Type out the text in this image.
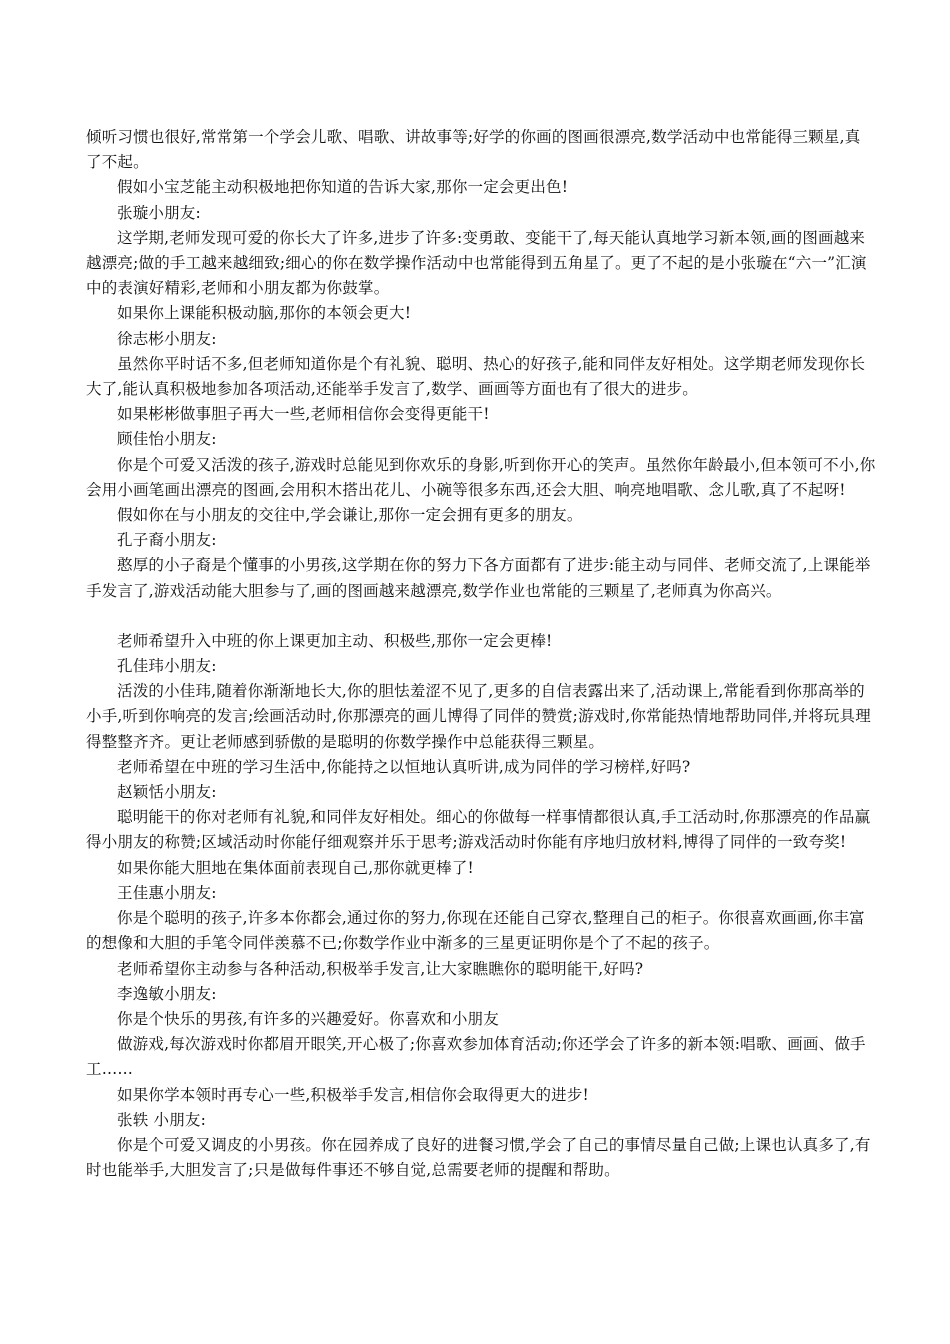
倾听习惯也很好,常常第一个学会儿歌、唱歌、讲故事等;好学的你画的图画很漂亮,数学活动中也常能得三颗星,真了不起。

假如小宝芝能主动积极地把你知道的告诉大家,那你一定会更出色!

张璇小朋友:

这学期,老师发现可爱的你长大了许多,进步了许多:变勇敢、变能干了,每天能认真地学习新本领,画的图画越来越漂亮;做的手工越来越细致;细心的你在数学操作活动中也常能得到五角星了。更了不起的是小张璇在“六一”汇演中的表演好精彩,老师和小朋友都为你鼓掌。

如果你上课能积极动脑,那你的本领会更大!

徐志彬小朋友:

虽然你平时话不多,但老师知道你是个有礼貌、聪明、热心的好孩子,能和同伴友好相处。这学期老师发现你长大了,能认真积极地参加各项活动,还能举手发言了,数学、画画等方面也有了很大的进步。

如果彬彬做事胆子再大一些,老师相信你会变得更能干!

顾佳怡小朋友:

你是个可爱又活泼的孩子,游戏时总能见到你欢乐的身影,听到你开心的笑声。虽然你年龄最小,但本领可不小,你会用小画笔画出漂亮的图画,会用积木搭出花儿、小碗等很多东西,还会大胆、响亮地唱歌、念儿歌,真了不起呀!

假如你在与小朋友的交往中,学会谦让,那你一定会拥有更多的朋友。

孔子裔小朋友:

憨厚的小子裔是个懂事的小男孩,这学期在你的努力下各方面都有了进步:能主动与同伴、老师交流了,上课能举手发言了,游戏活动能大胆参与了,画的图画越来越漂亮,数学作业也常能的三颗星了,老师真为你高兴。

老师希望升入中班的你上课更加主动、积极些,那你一定会更棒!

孔佳玮小朋友:

活泼的小佳玮,随着你渐渐地长大,你的胆怯羞涩不见了,更多的自信表露出来了,活动课上,常能看到你那高举的小手,听到你响亮的发言;绘画活动时,你那漂亮的画儿博得了同伴的赞赏;游戏时,你常能热情地帮助同伴,并将玩具理得整整齐齐。更让老师感到骄傲的是聪明的你数学操作中总能获得三颗星。

老师希望在中班的学习生活中,你能持之以恒地认真听讲,成为同伴的学习榜样,好吗?

赵颖恬小朋友:

聪明能干的你对老师有礼貌,和同伴友好相处。细心的你做每一样事情都很认真,手工活动时,你那漂亮的作品赢得小朋友的称赞;区域活动时你能仔细观察并乐于思考;游戏活动时你能有序地归放材料,博得了同伴的一致夸奖!

如果你能大胆地在集体面前表现自己,那你就更棒了!

王佳惠小朋友:

你是个聪明的孩子,许多本你都会,通过你的努力,你现在还能自己穿衣,整理自己的柜子。你很喜欢画画,你丰富的想像和大胆的手笔令同伴羡慕不已;你数学作业中渐多的三星更证明你是个了不起的孩子。

老师希望你主动参与各种活动,积极举手发言,让大家瞧瞧你的聪明能干,好吗?

李逸敏小朋友:

你是个快乐的男孩,有许多的兴趣爱好。你喜欢和小朋友

做游戏,每次游戏时你都眉开眼笑,开心极了;你喜欢参加体育活动;你还学会了许多的新本领:唱歌、画画、做手工……

如果你学本领时再专心一些,积极举手发言,相信你会取得更大的进步!

张轶 小朋友:

你是个可爱又调皮的小男孩。你在园养成了良好的进餐习惯,学会了自己的事情尽量自己做;上课也认真多了,有时也能举手,大胆发言了;只是做每件事还不够自觉,总需要老师的提醒和帮助。
